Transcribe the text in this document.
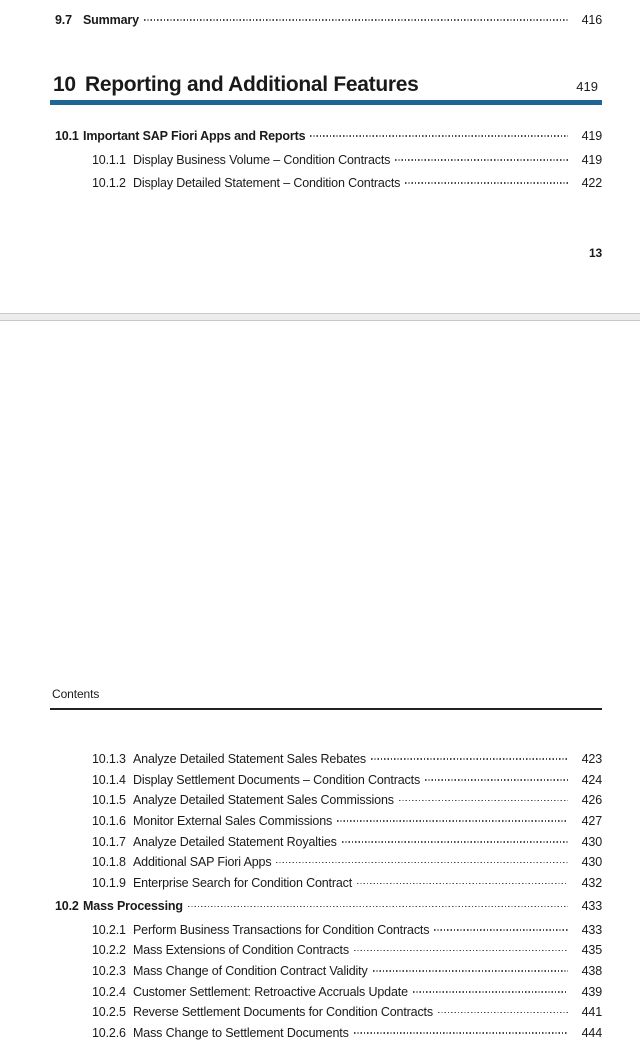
9.7 Summary	416
10 Reporting and Additional Features	419
10.1 Important SAP Fiori Apps and Reports	419
10.1.1 Display Business Volume – Condition Contracts	419
10.1.2 Display Detailed Statement – Condition Contracts	422
13
Contents
10.1.3 Analyze Detailed Statement Sales Rebates	423
10.1.4 Display Settlement Documents – Condition Contracts	424
10.1.5 Analyze Detailed Statement Sales Commissions	426
10.1.6 Monitor External Sales Commissions	427
10.1.7 Analyze Detailed Statement Royalties	430
10.1.8 Additional SAP Fiori Apps	430
10.1.9 Enterprise Search for Condition Contract	432
10.2 Mass Processing	433
10.2.1 Perform Business Transactions for Condition Contracts	433
10.2.2 Mass Extensions of Condition Contracts	435
10.2.3 Mass Change of Condition Contract Validity	438
10.2.4 Customer Settlement: Retroactive Accruals Update	439
10.2.5 Reverse Settlement Documents for Condition Contracts	441
10.2.6 Mass Change to Settlement Documents	444
